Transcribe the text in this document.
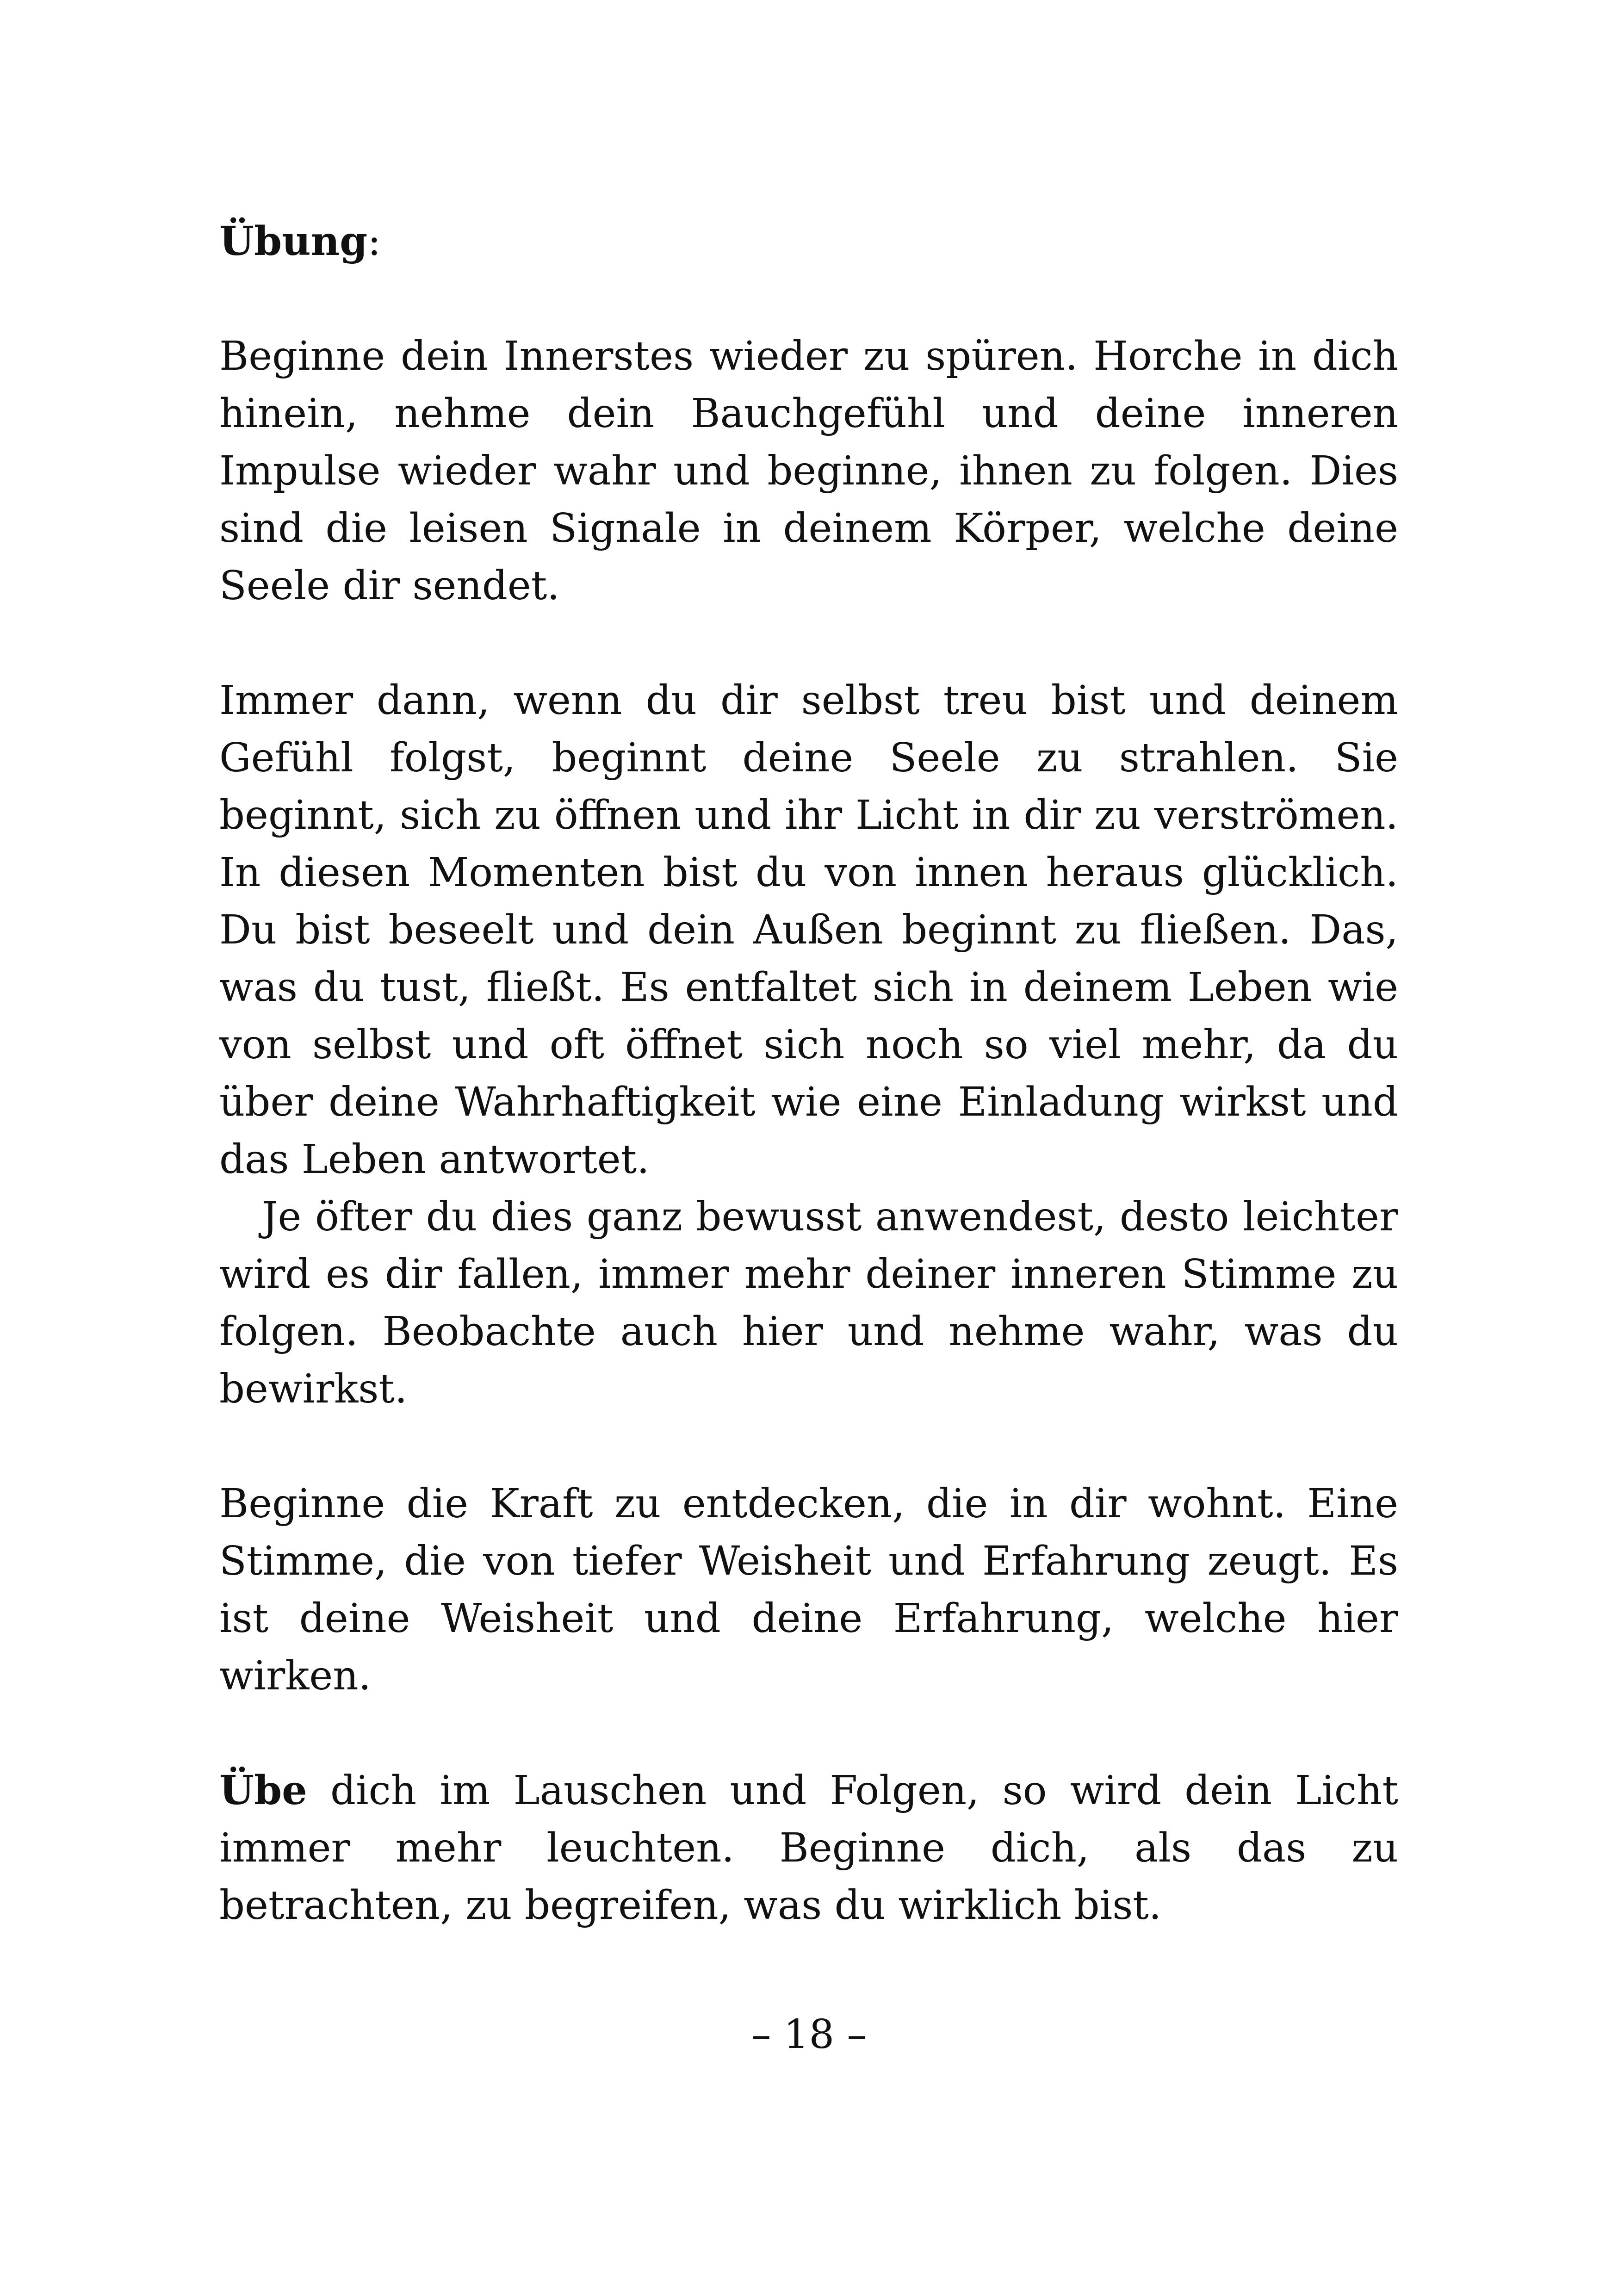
Übung:

Beginne dein Innerstes wieder zu spüren. Horche in dich hinein, nehme dein Bauchgefühl und deine inneren Impulse wieder wahr und beginne, ihnen zu folgen. Dies sind die leisen Signale in deinem Körper, welche deine Seele dir sendet.

Immer dann, wenn du dir selbst treu bist und deinem Gefühl folgst, beginnt deine Seele zu strahlen. Sie beginnt, sich zu öffnen und ihr Licht in dir zu verströmen. In diesen Momenten bist du von innen heraus glücklich. Du bist beseelt und dein Außen beginnt zu fließen. Das, was du tust, fließt. Es entfaltet sich in deinem Leben wie von selbst und oft öffnet sich noch so viel mehr, da du über deine Wahrhaftigkeit wie eine Einladung wirkst und das Leben antwortet.

Je öfter du dies ganz bewusst anwendest, desto leichter wird es dir fallen, immer mehr deiner inneren Stimme zu folgen. Beobachte auch hier und nehme wahr, was du bewirkst.

Beginne die Kraft zu entdecken, die in dir wohnt. Eine Stimme, die von tiefer Weisheit und Erfahrung zeugt. Es ist deine Weisheit und deine Erfahrung, welche hier wirken.

Übe dich im Lauschen und Folgen, so wird dein Licht immer mehr leuchten. Beginne dich, als das zu betrachten, zu begreifen, was du wirklich bist.

– 18 –
